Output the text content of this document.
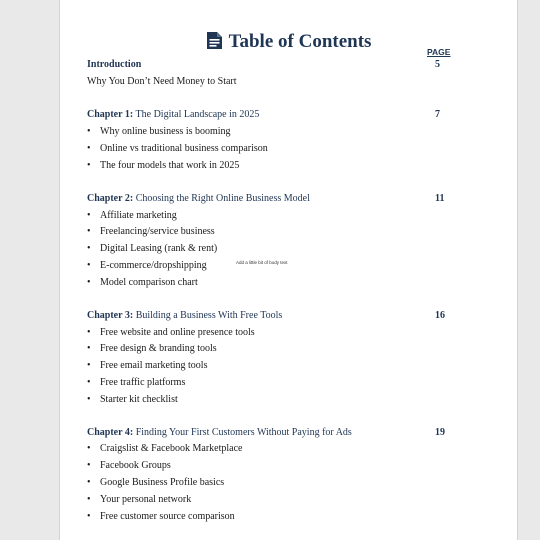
Table of Contents	PAGE
Introduction	5
Why You Don’t Need Money to Start
Chapter 1: The Digital Landscape in 2025	7
• Why online business is booming
• Online vs traditional business comparison
• The four models that work in 2025
Chapter 2: Choosing the Right Online Business Model	11
• Affiliate marketing
• Freelancing/service business
• Digital Leasing (rank & rent)
• E-commerce/dropshipping
• Model comparison chart
Add a little bit of body text
Chapter 3: Building a Business With Free Tools	16
• Free website and online presence tools
• Free design & branding tools
• Free email marketing tools
• Free traffic platforms
• Starter kit checklist
Chapter 4: Finding Your First Customers Without Paying for Ads	19
• Craigslist & Facebook Marketplace
• Facebook Groups
• Google Business Profile basics
• Your personal network
• Free customer source comparison
